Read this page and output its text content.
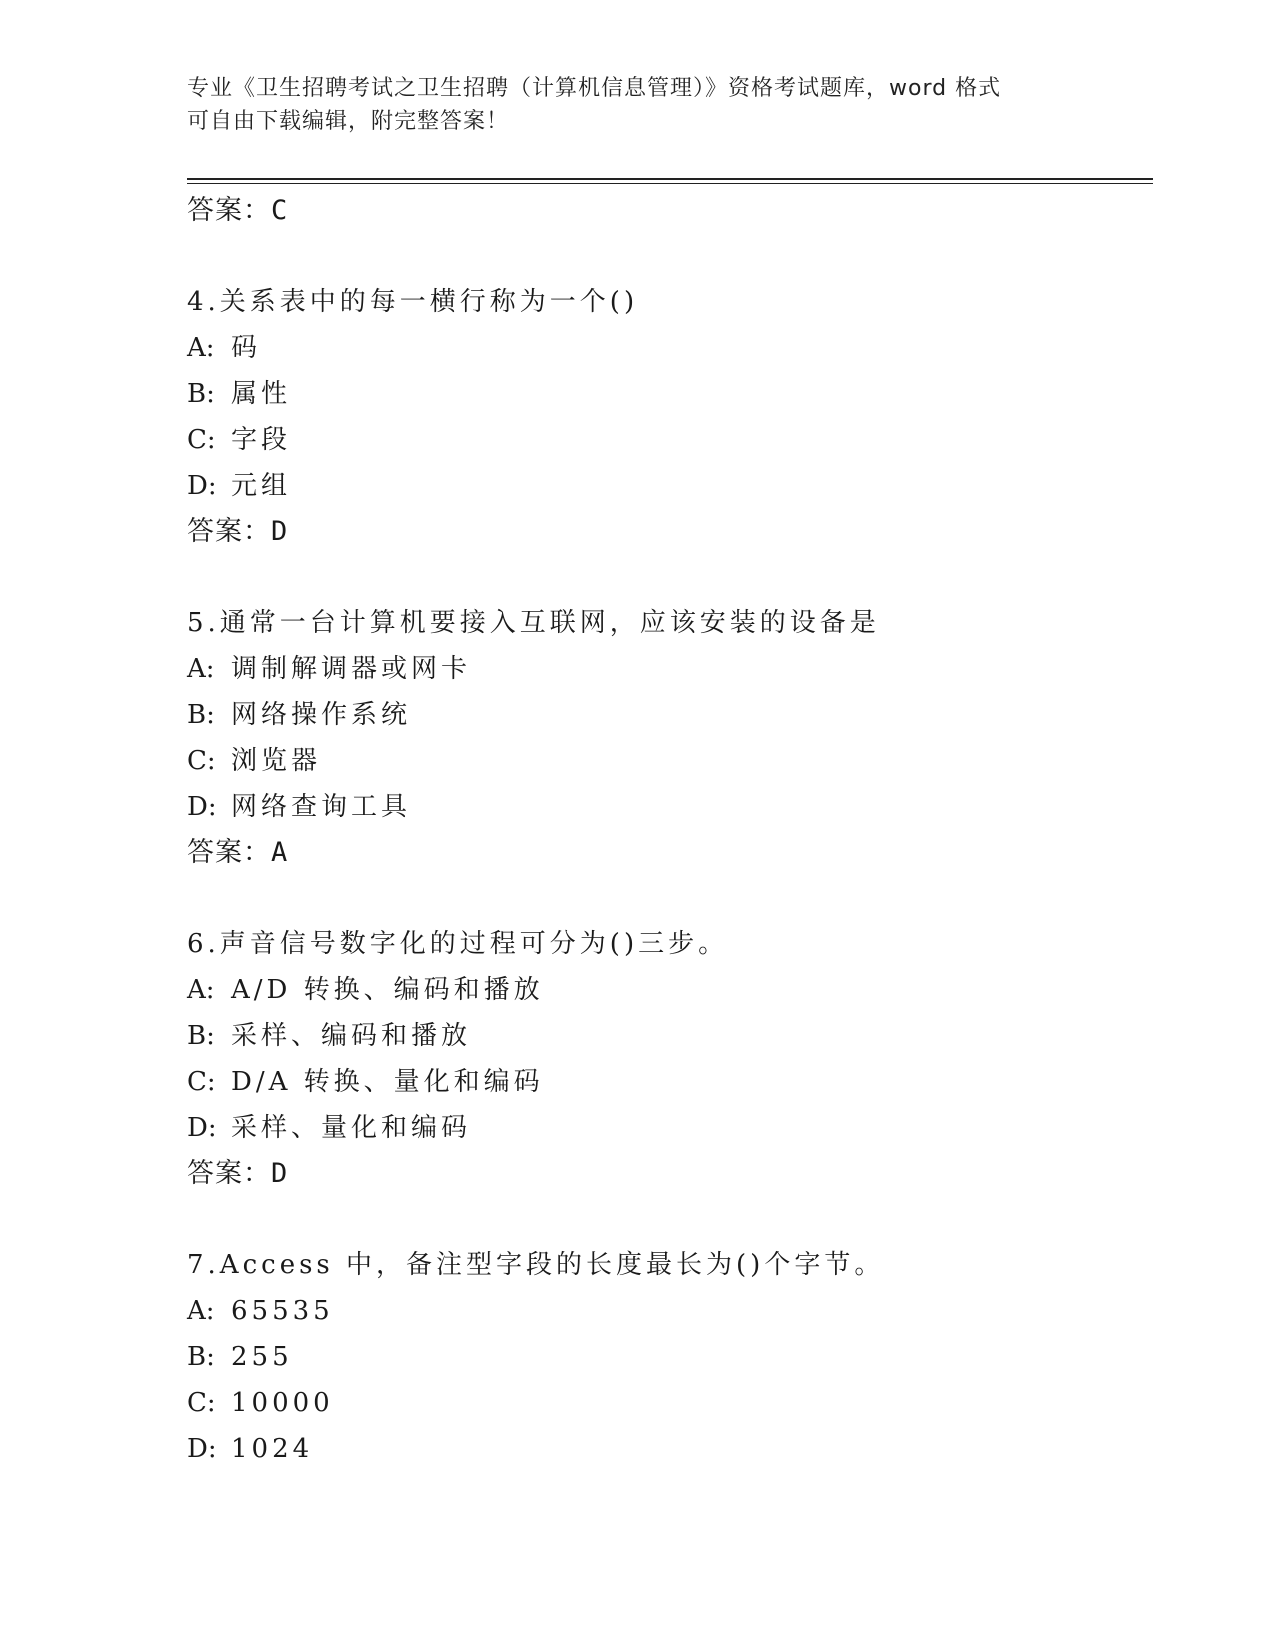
专业《卫生招聘考试之卫生招聘（计算机信息管理）》资格考试题库，word 格式
可自由下载编辑，附完整答案！
答案：C
4.关系表中的每一横行称为一个()
A: 码
B: 属性
C: 字段
D: 元组
答案：D
5.通常一台计算机要接入互联网，应该安装的设备是
A: 调制解调器或网卡
B: 网络操作系统
C: 浏览器
D: 网络查询工具
答案：A
6.声音信号数字化的过程可分为()三步。
A: A/D 转换、编码和播放
B: 采样、编码和播放
C: D/A 转换、量化和编码
D: 采样、量化和编码
答案：D
7.Access 中，备注型字段的长度最长为()个字节。
A: 65535
B: 255
C: 10000
D: 1024
